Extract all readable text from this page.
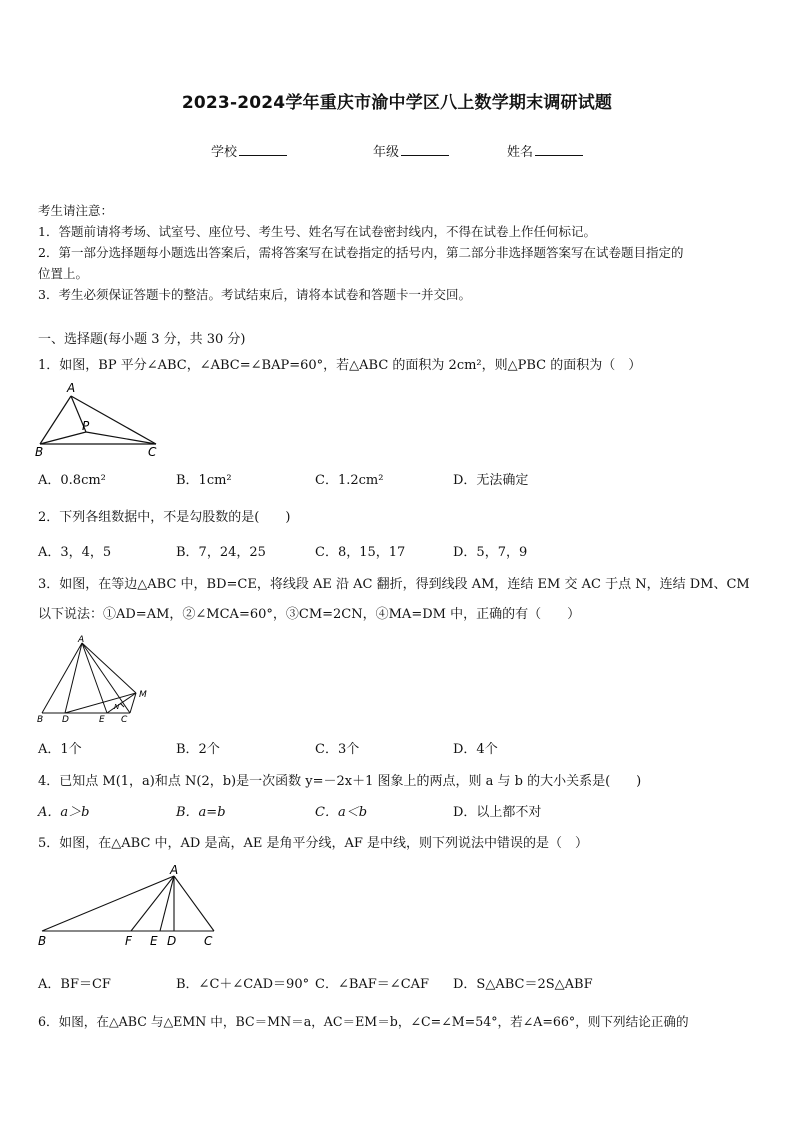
2023-2024学年重庆市渝中学区八上数学期末调研试题
学校	年级	姓名
考生请注意：
1．答题前请将考场、试室号、座位号、考生号、姓名写在试卷密封线内，不得在试卷上作任何标记。
2．第一部分选择题每小题选出答案后，需将答案写在试卷指定的括号内，第二部分非选择题答案写在试卷题目指定的
位置上。
3．考生必须保证答题卡的整洁。考试结束后，请将本试卷和答题卡一并交回。
一、选择题(每小题 3 分，共 30 分)
1．如图，BP 平分∠ABC，∠ABC=∠BAP=60°，若△ABC 的面积为 2cm²，则△PBC 的面积为（　）
A
B	C
P
A．0.8cm²	B．1cm²	C．1.2cm²	D．无法确定
2．下列各组数据中，不是勾股数的是(　　)
A．3，4，5	B．7，24，25	C．8，15，17	D．5，7，9
3．如图，在等边△ABC 中，BD=CE，将线段 AE 沿 AC 翻折，得到线段 AM，连结 EM 交 AC 于点 N，连结 DM、CM
以下说法：①AD=AM，②∠MCA=60°，③CM=2CN，④MA=DM 中，正确的有（　　）
A
B D	E C
M
N
A．1个	B．2个	C．3个	D．4个
4．已知点 M(1，a)和点 N(2，b)是一次函数 y=－2x＋1 图象上的两点，则 a 与 b 的大小关系是(　　)
A．a＞b	B．a=b	C．a＜b	D．以上都不对
5．如图，在△ABC 中，AD 是高，AE 是角平分线，AF 是中线，则下列说法中错误的是（　）
A
B	F E D C
A．BF＝CF	B．∠C＋∠CAD＝90° C．∠BAF＝∠CAF D．S△ABC＝2S△ABF
6．如图，在△ABC 与△EMN 中，BC＝MN＝a，AC＝EM＝b，∠C=∠M=54°，若∠A=66°，则下列结论正确的
